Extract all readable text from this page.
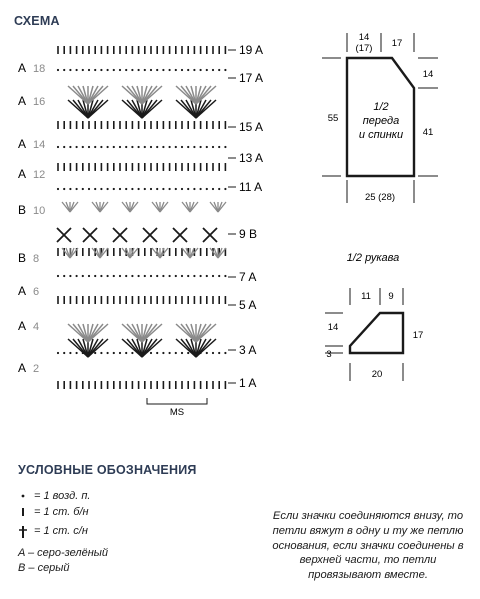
СХЕМА
A 18
A 16
A 14
A 12
B 10
B 8
A 6
A 4
A 2
19 A
17 A
15 A
13 A
11 A
9 B
7 A
5 A
3 A
1 A
MS
14
(17) 17
14
41
55
25 (28)
1/2
переда
и спинки
1/2 рукава
11 9
14
3
17
20
УСЛОВНЫЕ ОБОЗНАЧЕНИЯ
= 1 возд. п.
= 1 ст. б/н
= 1 ст. с/н
A – серо-зелёный
B – серый
Если значки соединяются внизу, то петли вяжут в одну и ту же петлю основания, если значки соединены в верхней части, то петли провязывают вместе.
